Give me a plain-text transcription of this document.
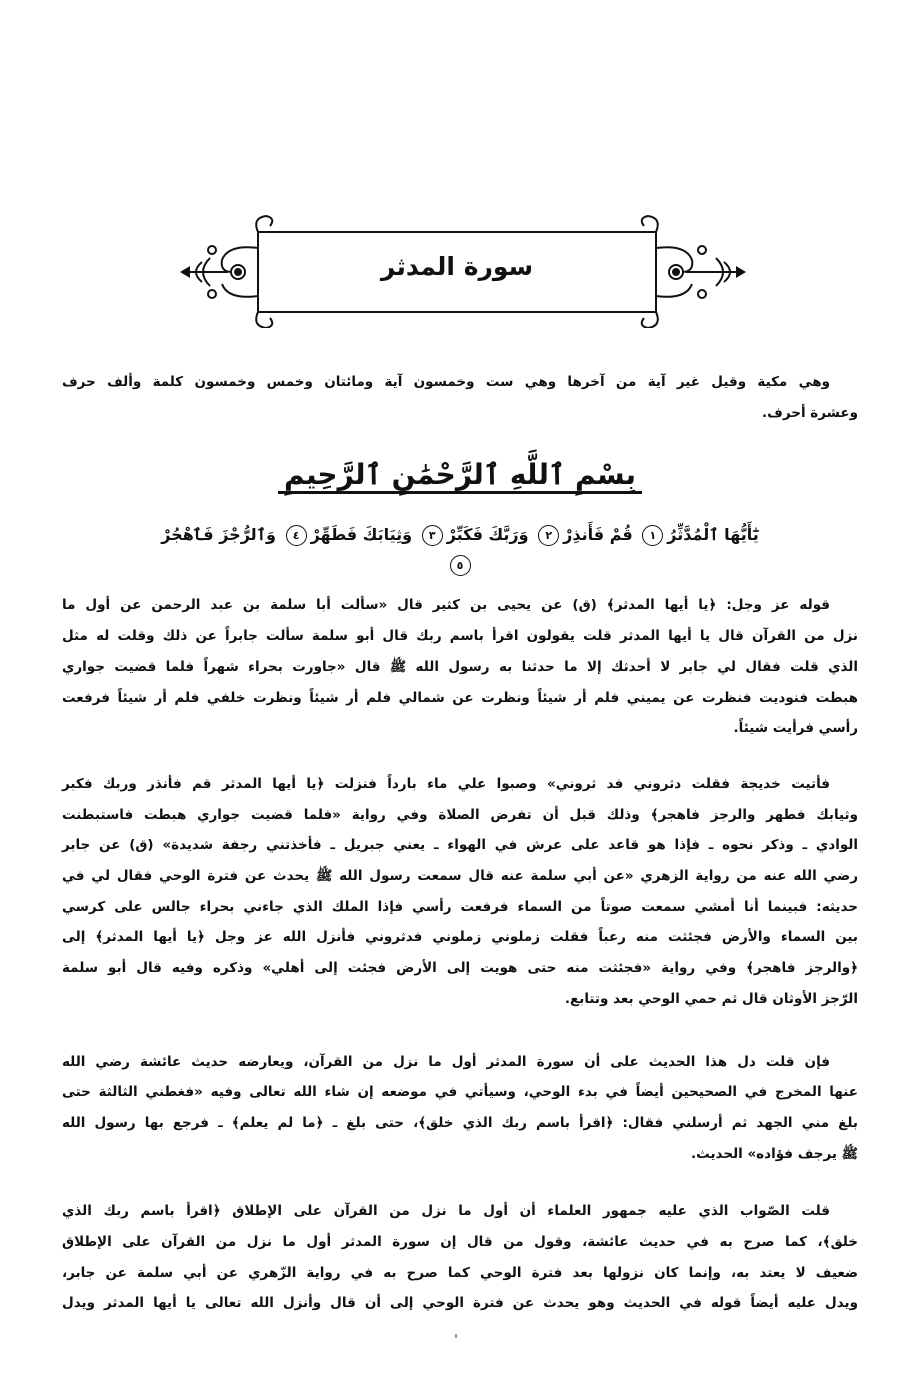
سورة المدثر
وهي مكية وقيل غير آية من آخرها وهي ست وخمسون آية ومائتان وخمس وخمسون كلمة وألف حرف
وعشرة أحرف.
بِسْمِ ٱللَّهِ ٱلرَّحْمَٰنِ ٱلرَّحِيمِ
يَٰٓأَيُّهَا ٱلْمُدَّثِّرُ١ قُمْ فَأَنذِرْ٢ وَرَبَّكَ فَكَبِّرْ٣ وَثِيَابَكَ فَطَهِّرْ٤ وَٱلرُّجْزَ فَٱهْجُرْ٥
قوله عز وجل: ﴿يا أيها المدثر﴾ (ق) عن يحيى بن كثير قال «سألت أبا سلمة بن عبد الرحمن عن أول ما
نزل من القرآن قال يا أيها المدثر قلت يقولون اقرأ باسم ربك قال أبو سلمة سألت جابراً عن ذلك وقلت له مثل
الذي قلت فقال لي جابر لا أحدثك إلا ما حدثنا به رسول الله ﷺ قال «جاورت بحراء شهراً فلما قضيت جواري
هبطت فنوديت فنظرت عن يميني فلم أر شيئاً ونظرت عن شمالي فلم أر شيئاً ونظرت خلفي فلم أر شيئاً فرفعت
رأسي فرأيت شيئاً.
فأتيت خديجة فقلت دثروني فد ثروني» وصبوا علي ماء بارداً فنزلت ﴿يا أيها المدثر قم فأنذر وربك فكبر
وثيابك فطهر والرجز فاهجر﴾ وذلك قبل أن تفرض الصلاة وفي رواية «فلما قضيت جواري هبطت فاستبطنت
الوادي ـ وذكر نحوه ـ فإذا هو قاعد على عرش في الهواء ـ يعني جبريل ـ فأخذتني رجفة شديدة» (ق) عن جابر
رضي الله عنه من رواية الزهري «عن أبي سلمة عنه قال سمعت رسول الله ﷺ يحدث عن فترة الوحي فقال لي في
حديثه: فبينما أنا أمشي سمعت صوتاً من السماء فرفعت رأسي فإذا الملك الذي جاءني بحراء جالس على كرسي
بين السماء والأرض فجئثت منه رعباً فقلت زملوني زملوني فدثروني فأنزل الله عز وجل ﴿يا أيها المدثر﴾ إلى
﴿والرجز فاهجر﴾ وفي رواية «فجئثت منه حتى هويت إلى الأرض فجئت إلى أهلي» وذكره وفيه قال أبو سلمة
الرّجز الأوثان قال ثم حمي الوحي بعد وتتابع.
فإن قلت دل هذا الحديث على أن سورة المدثر أول ما نزل من القرآن، ويعارضه حديث عائشة رضي الله
عنها المخرج في الصحيحين أيضاً في بدء الوحي، وسيأتي في موضعه إن شاء الله تعالى وفيه «فغطني الثالثة حتى
بلغ مني الجهد ثم أرسلني فقال: ﴿اقرأ باسم ربك الذي خلق﴾، حتى بلغ ـ ﴿ما لم يعلم﴾ ـ فرجع بها رسول الله
ﷺ يرجف فؤاده» الحديث.
قلت الصّواب الذي عليه جمهور العلماء أن أول ما نزل من القرآن على الإطلاق ﴿اقرأ باسم ربك الذي
خلق﴾، كما صرح به في حديث عائشة، وقول من قال إن سورة المدثر أول ما نزل من القرآن على الإطلاق
ضعيف لا يعتد به، وإنما كان نزولها بعد فترة الوحي كما صرح به في رواية الزّهري عن أبي سلمة عن جابر،
ويدل عليه أيضاً قوله في الحديث وهو يحدث عن فترة الوحي إلى أن قال وأنزل الله تعالى يا أيها المدثر ويدل
